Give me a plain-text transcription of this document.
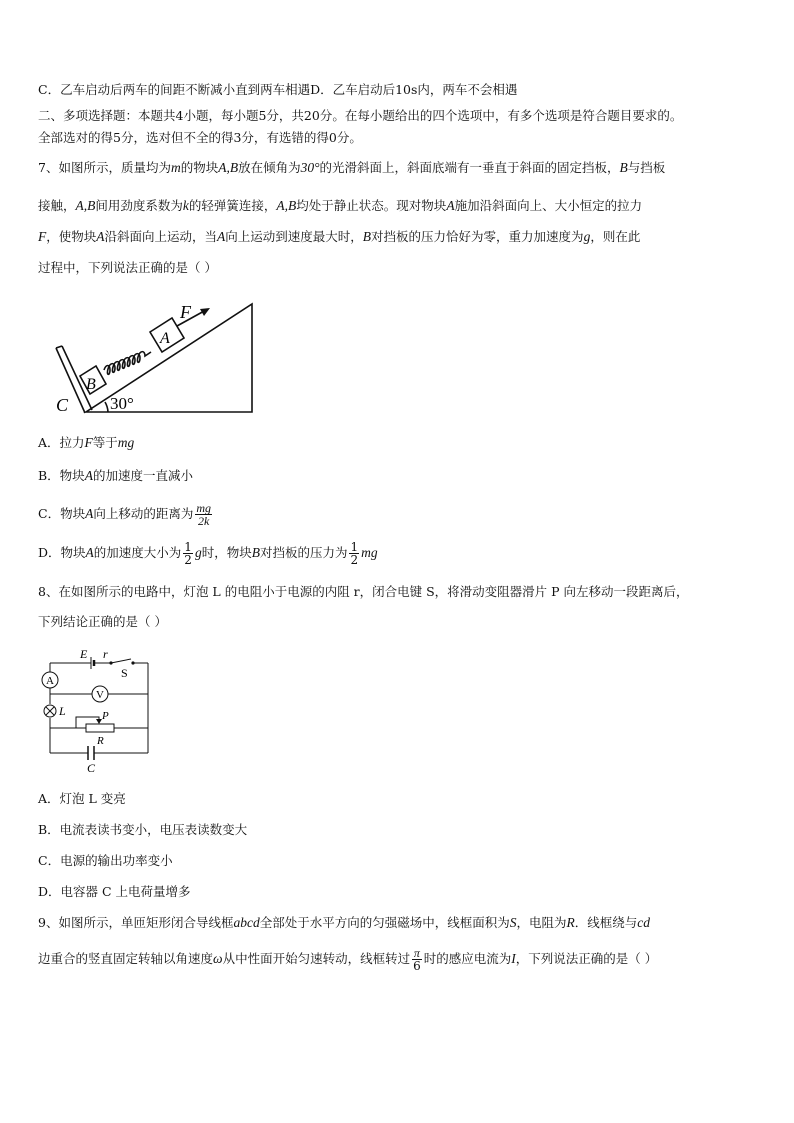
C．乙车启动后两车的间距不断减小直到两车相遇D．乙车启动后10s内，两车不会相遇
二、多项选择题：本题共4小题，每小题5分，共20分。在每小题给出的四个选项中，有多个选项是符合题目要求的。
全部选对的得5分，选对但不全的得3分，有选错的得0分。
7、如图所示，质量均为m的物块A,B放在倾角为30°的光滑斜面上，斜面底端有一垂直于斜面的固定挡板，B与挡板
接触，A,B间用劲度系数为k的轻弹簧连接，A,B均处于静止状态。现对物块A施加沿斜面向上、大小恒定的拉力
F，使物块A沿斜面向上运动，当A向上运动到速度最大时，B对挡板的压力恰好为零，重力加速度为g，则在此
过程中，下列说法正确的是（ ）
F
A
B
C 30°
A．拉力F等于mg
B．物块A的加速度一直减小
C．物块A向上移动的距离为 $\frac{mg}{2k}$
D．物块A的加速度大小为 $\frac{1}{2}$ g时，物块B对挡板的压力为 $\frac{1}{2}$ mg
8、在如图所示的电路中，灯泡 L 的电阻小于电源的内阻 r，闭合电键 S，将滑动变阻器滑片 P 向左移动一段距离后，
下列结论正确的是（ ）
E r
S
A
V
L	P
R
C
A．灯泡 L 变亮
B．电流表读书变小，电压表读数变大
C．电源的输出功率变小
D．电容器 C 上电荷量增多
9、如图所示，单匝矩形闭合导线框abcd全部处于水平方向的匀强磁场中，线框面积为S，电阻为R．线框绕与cd
边重合的竖直固定转轴以角速度ω从中性面开始匀速转动，线框转过 $\frac{\pi}{6}$ 时的感应电流为I，下列说法正确的是（ ）
